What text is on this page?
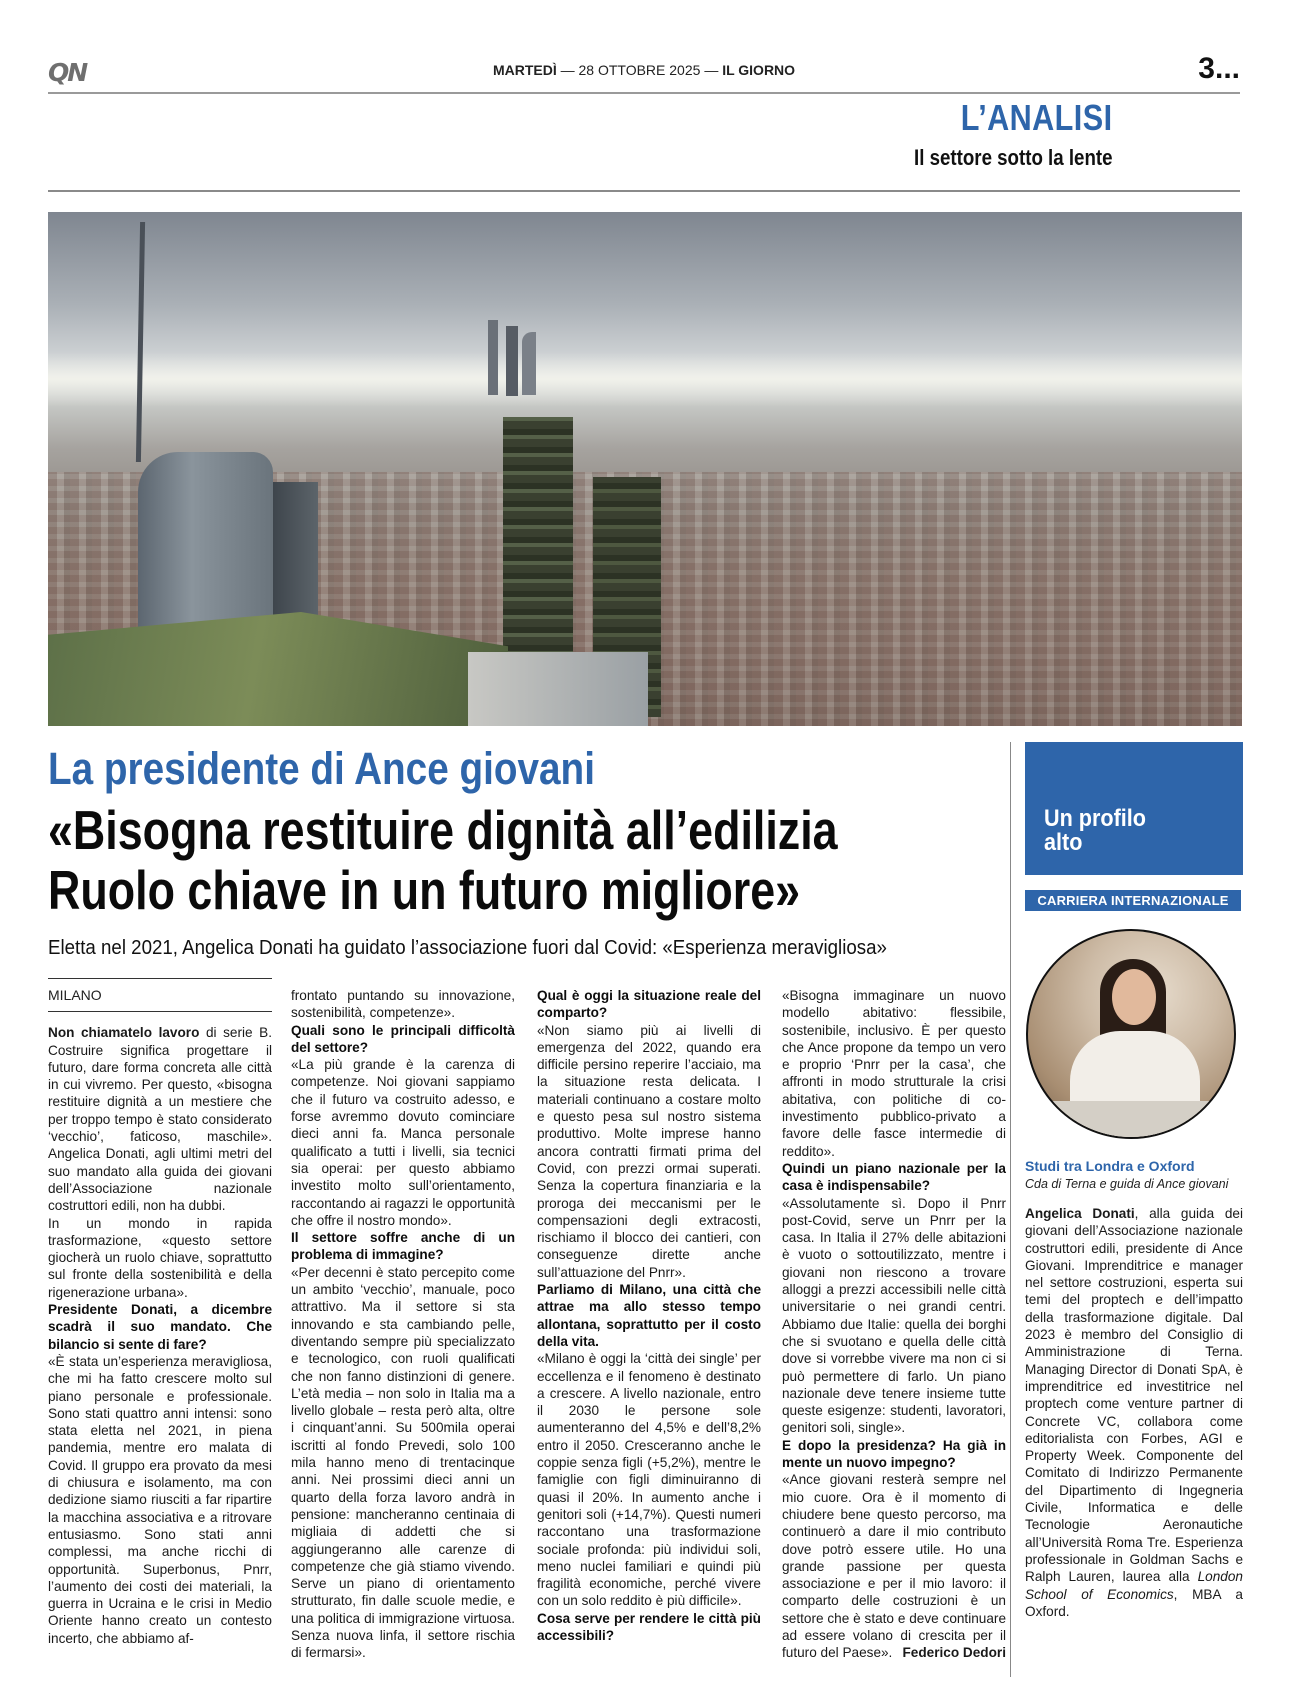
QN	MARTEDÌ — 28 OTTOBRE 2025 — IL GIORNO	3...
L’ANALISI
Il settore sotto la lente
La presidente di Ance giovani
«Bisogna restituire dignità all’edilizia
Ruolo chiave in un futuro migliore»
Eletta nel 2021, Angelica Donati ha guidato l’associazione fuori dal Covid: «Esperienza meravigliosa»
MILANO

Non chiamatelo lavoro di serie B. Costruire significa progettare il futuro, dare forma concreta alle città in cui vivremo. Per questo, «bisogna restituire dignità a un mestiere che per troppo tempo è stato considerato ‘vecchio’, faticoso, maschile». Angelica Donati, agli ultimi metri del suo mandato alla guida dei giovani dell’Associazione nazionale costruttori edili, non ha dubbi.

In un mondo in rapida trasformazione, «questo settore giocherà un ruolo chiave, soprattutto sul fronte della sostenibilità e della rigenerazione urbana».

Presidente Donati, a dicembre scadrà il suo mandato. Che bilancio si sente di fare?

«È stata un’esperienza meravigliosa, che mi ha fatto crescere molto sul piano personale e professionale. Sono stati quattro anni intensi: sono stata eletta nel 2021, in piena pandemia, mentre ero malata di Covid. Il gruppo era provato da mesi di chiusura e isolamento, ma con dedizione siamo riusciti a far ripartire la macchina associativa e a ritrovare entusiasmo. Sono stati anni complessi, ma anche ricchi di opportunità. Superbonus, Pnrr, l’aumento dei costi dei materiali, la guerra in Ucraina e le crisi in Medio Oriente hanno creato un contesto incerto, che abbiamo af-

frontato puntando su innovazione, sostenibilità, competenze».

Quali sono le principali difficoltà del settore?

«La più grande è la carenza di competenze. Noi giovani sappiamo che il futuro va costruito adesso, e forse avremmo dovuto cominciare dieci anni fa. Manca personale qualificato a tutti i livelli, sia tecnici sia operai: per questo abbiamo investito molto sull’orientamento, raccontando ai ragazzi le opportunità che offre il nostro mondo».

Il settore soffre anche di un problema di immagine?

«Per decenni è stato percepito come un ambito ‘vecchio’, manuale, poco attrattivo. Ma il settore si sta innovando e sta cambiando pelle, diventando sempre più specializzato e tecnologico, con ruoli qualificati che non fanno distinzioni di genere. L’età media – non solo in Italia ma a livello globale – resta però alta, oltre i cinquant’anni. Su 500mila operai iscritti al fondo Prevedi, solo 100 mila hanno meno di trentacinque anni. Nei prossimi dieci anni un quarto della forza lavoro andrà in pensione: mancheranno centinaia di migliaia di addetti che si aggiungeranno alle carenze di competenze che già stiamo vivendo. Serve un piano di orientamento strutturato, fin dalle scuole medie, e una politica di immigrazione virtuosa. Senza nuova linfa, il settore rischia di fermarsi».

Qual è oggi la situazione reale del comparto?

«Non siamo più ai livelli di emergenza del 2022, quando era difficile persino reperire l’acciaio, ma la situazione resta delicata. I materiali continuano a costare molto e questo pesa sul nostro sistema produttivo. Molte imprese hanno ancora contratti firmati prima del Covid, con prezzi ormai superati. Senza la copertura finanziaria e la proroga dei meccanismi per le compensazioni degli extracosti, rischiamo il blocco dei cantieri, con conseguenze dirette anche sull’attuazione del Pnrr».

Parliamo di Milano, una città che attrae ma allo stesso tempo allontana, soprattutto per il costo della vita.

«Milano è oggi la ‘città dei single’ per eccellenza e il fenomeno è destinato a crescere. A livello nazionale, entro il 2030 le persone sole aumenteranno del 4,5% e dell’8,2% entro il 2050. Cresceranno anche le coppie senza figli (+5,2%), mentre le famiglie con figli diminuiranno di quasi il 20%. In aumento anche i genitori soli (+14,7%). Questi numeri raccontano una trasformazione sociale profonda: più individui soli, meno nuclei familiari e quindi più fragilità economiche, perché vivere con un solo reddito è più difficile».

Cosa serve per rendere le città più accessibili?

«Bisogna immaginare un nuovo modello abitativo: flessibile, sostenibile, inclusivo. È per questo che Ance propone da tempo un vero e proprio ‘Pnrr per la casa’, che affronti in modo strutturale la crisi abitativa, con politiche di co-investimento pubblico-privato a favore delle fasce intermedie di reddito».

Quindi un piano nazionale per la casa è indispensabile?

«Assolutamente sì. Dopo il Pnrr post-Covid, serve un Pnrr per la casa. In Italia il 27% delle abitazioni è vuoto o sottoutilizzato, mentre i giovani non riescono a trovare alloggi a prezzi accessibili nelle città universitarie o nei grandi centri. Abbiamo due Italie: quella dei borghi che si svuotano e quella delle città dove si vorrebbe vivere ma non ci si può permettere di farlo. Un piano nazionale deve tenere insieme tutte queste esigenze: studenti, lavoratori, genitori soli, single».

E dopo la presidenza? Ha già in mente un nuovo impegno?

«Ance giovani resterà sempre nel mio cuore. Ora è il momento di chiudere bene questo percorso, ma continuerò a dare il mio contributo dove potrò essere utile. Ho una grande passione per questa associazione e per il mio lavoro: il comparto delle costruzioni è un settore che è stato e deve continuare ad essere volano di crescita per il futuro del Paese». Federico Dedori

Un profilo
alto
CARRIERA INTERNAZIONALE
Studi tra Londra e Oxford
Cda di Terna e guida di Ance giovani
Angelica Donati, alla guida dei giovani dell’Associazione nazionale costruttori edili, presidente di Ance Giovani. Imprenditrice e manager nel settore costruzioni, esperta sui temi del proptech e dell’impatto della trasformazione digitale. Dal 2023 è membro del Consiglio di Amministrazione di Terna. Managing Director di Donati SpA, è imprenditrice ed investitrice nel proptech come venture partner di Concrete VC, collabora come editorialista con Forbes, AGI e Property Week. Componente del Comitato di Indirizzo Permanente del Dipartimento di Ingegneria Civile, Informatica e delle Tecnologie Aeronautiche all’Università Roma Tre. Esperienza professionale in Goldman Sachs e Ralph Lauren, laurea alla London School of Economics, MBA a Oxford.
